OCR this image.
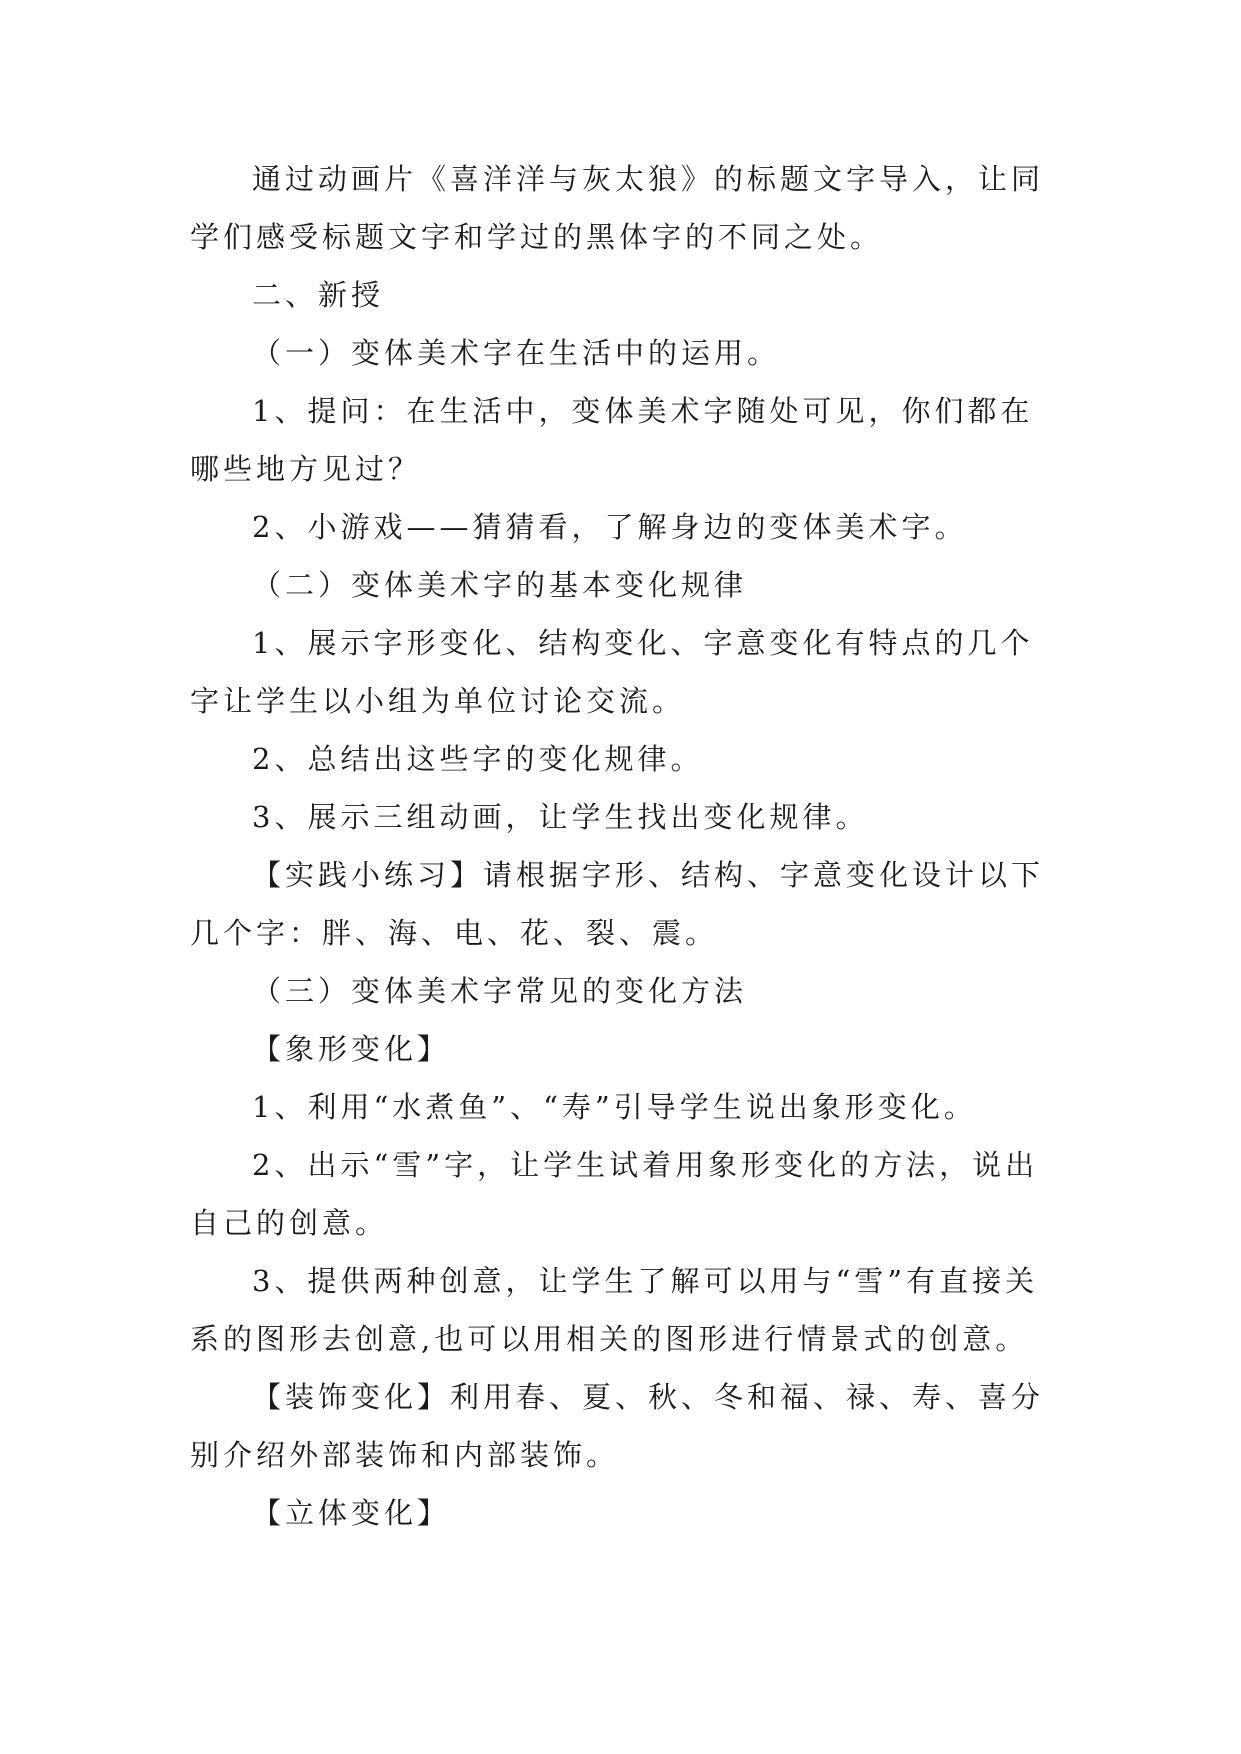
通过动画片《喜洋洋与灰太狼》的标题文字导入，让同学们感受标题文字和学过的黑体字的不同之处。

二、新授

（一）变体美术字在生活中的运用。

1、提问：在生活中，变体美术字随处可见，你们都在哪些地方见过？

2、小游戏——猜猜看，了解身边的变体美术字。

（二）变体美术字的基本变化规律

1、展示字形变化、结构变化、字意变化有特点的几个字让学生以小组为单位讨论交流。

2、总结出这些字的变化规律。

3、展示三组动画，让学生找出变化规律。

【实践小练习】请根据字形、结构、字意变化设计以下几个字：胖、海、电、花、裂、震。

（三）变体美术字常见的变化方法

【象形变化】

1、利用“水煮鱼”、“寿”引导学生说出象形变化。

2、出示“雪”字，让学生试着用象形变化的方法，说出自己的创意。

3、提供两种创意，让学生了解可以用与“雪”有直接关系的图形去创意,也可以用相关的图形进行情景式的创意。

【装饰变化】利用春、夏、秋、冬和福、禄、寿、喜分别介绍外部装饰和内部装饰。

【立体变化】
